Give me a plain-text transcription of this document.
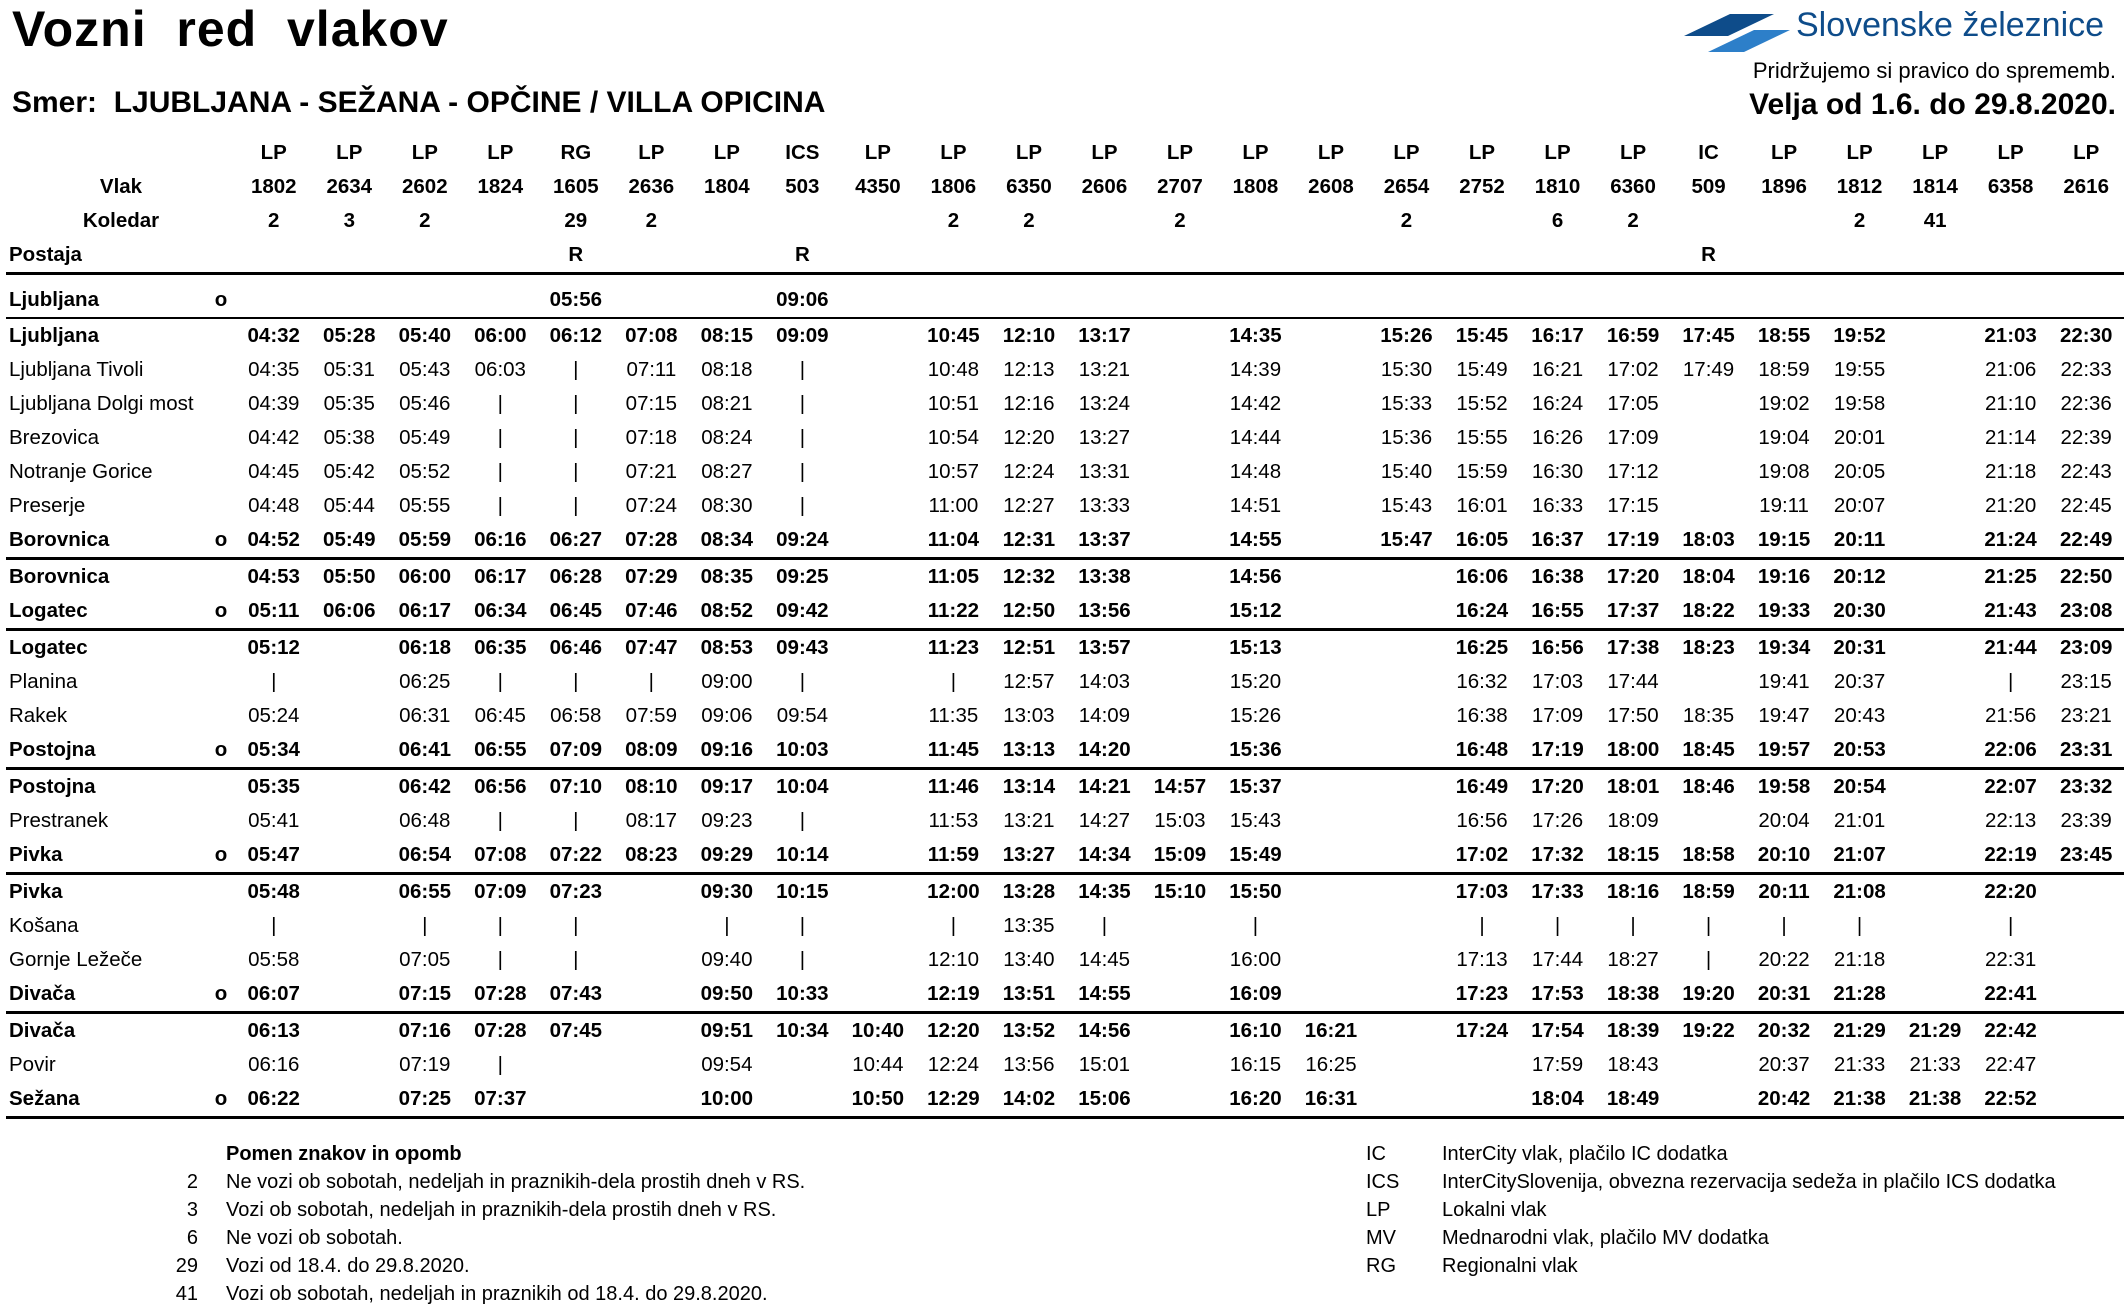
Vozni  red  vlakov
Smer:  LJUBLJANA - SEŽANA - OPČINE / VILLA OPICINA
Slovenske železnice
Pridržujemo si pravico do sprememb.
Velja od 1.6. do 29.8.2020.
		LP	LP	LP	LP	RG	LP	LP	ICS	LP	LP	LP	LP	LP	LP	LP	LP	LP	LP	LP	IC	LP	LP	LP	LP	LP
Vlak		1802	2634	2602	1824	1605	2636	1804	503	4350	1806	6350	2606	2707	1808	2608	2654	2752	1810	6360	509	1896	1812	1814	6358	2616
Koledar		2	3	2		29	2				2	2		2			2		6	2			2	41		
Postaja						R			R												R					

Ljubljana	o					05:56			09:06																	
Ljubljana		04:32	05:28	05:40	06:00	06:12	07:08	08:15	09:09		10:45	12:10	13:17		14:35		15:26	15:45	16:17	16:59	17:45	18:55	19:52		21:03	22:30
Ljubljana Tivoli		04:35	05:31	05:43	06:03	|	07:11	08:18	|		10:48	12:13	13:21		14:39		15:30	15:49	16:21	17:02	17:49	18:59	19:55		21:06	22:33
Ljubljana Dolgi most		04:39	05:35	05:46	|	|	07:15	08:21	|		10:51	12:16	13:24		14:42		15:33	15:52	16:24	17:05		19:02	19:58		21:10	22:36
Brezovica		04:42	05:38	05:49	|	|	07:18	08:24	|		10:54	12:20	13:27		14:44		15:36	15:55	16:26	17:09		19:04	20:01		21:14	22:39
Notranje Gorice		04:45	05:42	05:52	|	|	07:21	08:27	|		10:57	12:24	13:31		14:48		15:40	15:59	16:30	17:12		19:08	20:05		21:18	22:43
Preserje		04:48	05:44	05:55	|	|	07:24	08:30	|		11:00	12:27	13:33		14:51		15:43	16:01	16:33	17:15		19:11	20:07		21:20	22:45
Borovnica	o	04:52	05:49	05:59	06:16	06:27	07:28	08:34	09:24		11:04	12:31	13:37		14:55		15:47	16:05	16:37	17:19	18:03	19:15	20:11		21:24	22:49
Borovnica		04:53	05:50	06:00	06:17	06:28	07:29	08:35	09:25		11:05	12:32	13:38		14:56			16:06	16:38	17:20	18:04	19:16	20:12		21:25	22:50
Logatec	o	05:11	06:06	06:17	06:34	06:45	07:46	08:52	09:42		11:22	12:50	13:56		15:12			16:24	16:55	17:37	18:22	19:33	20:30		21:43	23:08
Logatec		05:12		06:18	06:35	06:46	07:47	08:53	09:43		11:23	12:51	13:57		15:13			16:25	16:56	17:38	18:23	19:34	20:31		21:44	23:09
Planina		|		06:25	|	|	|	09:00	|		|	12:57	14:03		15:20			16:32	17:03	17:44		19:41	20:37		|	23:15
Rakek		05:24		06:31	06:45	06:58	07:59	09:06	09:54		11:35	13:03	14:09		15:26			16:38	17:09	17:50	18:35	19:47	20:43		21:56	23:21
Postojna	o	05:34		06:41	06:55	07:09	08:09	09:16	10:03		11:45	13:13	14:20		15:36			16:48	17:19	18:00	18:45	19:57	20:53		22:06	23:31
Postojna		05:35		06:42	06:56	07:10	08:10	09:17	10:04		11:46	13:14	14:21	14:57	15:37			16:49	17:20	18:01	18:46	19:58	20:54		22:07	23:32
Prestranek		05:41		06:48	|	|	08:17	09:23	|		11:53	13:21	14:27	15:03	15:43			16:56	17:26	18:09		20:04	21:01		22:13	23:39
Pivka	o	05:47		06:54	07:08	07:22	08:23	09:29	10:14		11:59	13:27	14:34	15:09	15:49			17:02	17:32	18:15	18:58	20:10	21:07		22:19	23:45
Pivka		05:48		06:55	07:09	07:23		09:30	10:15		12:00	13:28	14:35	15:10	15:50			17:03	17:33	18:16	18:59	20:11	21:08		22:20	
Košana		|		|	|	|		|	|		|	13:35	|		|			|	|	|	|	|	|		|	
Gornje Ležeče		05:58		07:05	|	|		09:40	|		12:10	13:40	14:45		16:00			17:13	17:44	18:27	|	20:22	21:18		22:31	
Divača	o	06:07		07:15	07:28	07:43		09:50	10:33		12:19	13:51	14:55		16:09			17:23	17:53	18:38	19:20	20:31	21:28		22:41	
Divača		06:13		07:16	07:28	07:45		09:51	10:34	10:40	12:20	13:52	14:56		16:10	16:21		17:24	17:54	18:39	19:22	20:32	21:29	21:29	22:42	
Povir		06:16		07:19	|			09:54		10:44	12:24	13:56	15:01		16:15	16:25			17:59	18:43		20:37	21:33	21:33	22:47	
Sežana	o	06:22		07:25	07:37			10:00		10:50	12:29	14:02	15:06		16:20	16:31			18:04	18:49		20:42	21:38	21:38	22:52	
Pomen znakov in opomb
2 Ne vozi ob sobotah, nedeljah in praznikih-dela prostih dneh v RS.
3 Vozi ob sobotah, nedeljah in praznikih-dela prostih dneh v RS.
6 Ne vozi ob sobotah.
29 Vozi od 18.4. do 29.8.2020.
41 Vozi ob sobotah, nedeljah in praznikih od 18.4. do 29.8.2020.
IC	InterCity vlak, plačilo IC dodatka
ICS InterCitySlovenija, obvezna rezervacija sedeža in plačilo ICS dodatka
LP	Lokalni vlak
MV Mednarodni vlak, plačilo MV dodatka
RG Regionalni vlak
